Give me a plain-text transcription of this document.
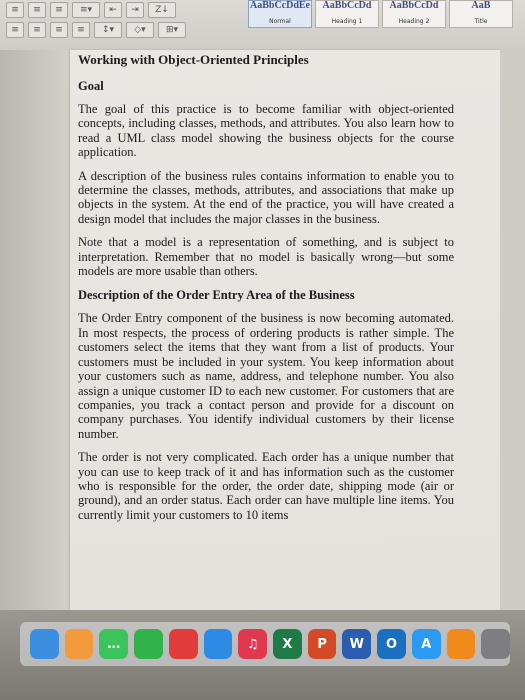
≡	≡	≡	≡▾	⇤	⇥	Z↓
≡	≡	≡	≡	↕▾	◇▾	⊞▾
AaBbCcDdEe
Normal
AaBbCcDd
Heading 1
AaBbCcDd
Heading 2
AaB
Title
Working with Object-Oriented Principles
Goal

The goal of this practice is to become familiar with object-oriented concepts, including classes, methods, and attributes. You also learn how to read a UML class model showing the business objects for the course application.

A description of the business rules contains information to enable you to determine the classes, methods, attributes, and associations that make up objects in the system. At the end of the practice, you will have created a design model that includes the major classes in the business.

Note that a model is a representation of something, and is subject to interpretation. Remember that no model is basically wrong—but some models are more usable than others.

Description of the Order Entry Area of the Business

The Order Entry component of the business is now becoming automated. In most respects, the process of ordering products is rather simple. The customers select the items that they want from a list of products. Your customers must be included in your system. You keep information about your customers such as name, address, and telephone number. You also assign a unique customer ID to each new customer. For customers that are companies, you track a contact person and provide for a discount on company purchases. You identify individual customers by their license number.

The order is not very complicated. Each order has a unique number that you can use to keep track of it and has information such as the customer who is responsible for the order, the order date, shipping mode (air or ground), and an order status. Each order can have multiple line items. You currently limit your customers to 10 items

…	♫	X	P	W	O	A
